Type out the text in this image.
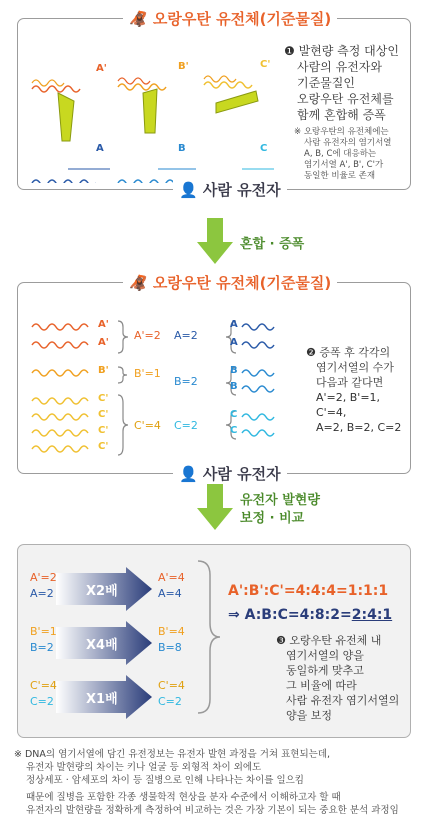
🦧 오랑우탄 유전체(기준물질)
A'	B'	C'
A	B	C
❶ 발현량 측정 대상인
사람의 유전자와
기준물질인
오랑우탄 유전체를
함께 혼합해 증폭
※ 오랑우탄의 유전체에는
사람 유전자의 염기서열
A, B, C에 대응하는
염기서열 A', B', C'가
동일한 비율로 존재
👤 사람 유전자
혼합 · 증폭
🦧 오랑우탄 유전체(기준물질)
A'
A'
B'
C'
C'
C'
C'
A'=2
B'=1
C'=4
A=2
B=2
C=2
A
A
B
B
C
C
❷ 증폭 후 각각의
염기서열의 수가
다음과 같다면
A'=2, B'=1, C'=4,
A=2, B=2, C=2
👤 사람 유전자
유전자 발현량
보정 · 비교
A'=2
A=2 X2배
A'=4
A=4
B'=1
B=2 X4배
B'=4
B=8
C'=4
C=2 X1배
C'=4
C=2
A':B':C'=4:4:4=1:1:1
⇒ A:B:C=4:8:2=2:4:1
❸ 오랑우탄 유전체 내
염기서열의 양을
동일하게 맞추고
그 비율에 따라
사람 유전자 염기서열의
양을 보정
※ DNA의 염기서열에 담긴 유전정보는 유전자 발현 과정을 거쳐 표현되는데,
유전자 발현량의 차이는 키나 얼굴 등 외형적 차이 외에도
정상세포 · 암세포의 차이 등 질병으로 인해 나타나는 차이를 일으킴
때문에 질병을 포함한 각종 생물학적 현상을 분자 수준에서 이해하고자 할 때
유전자의 발현량을 정확하게 측정하여 비교하는 것은 가장 기본이 되는 중요한 분석 과정임
